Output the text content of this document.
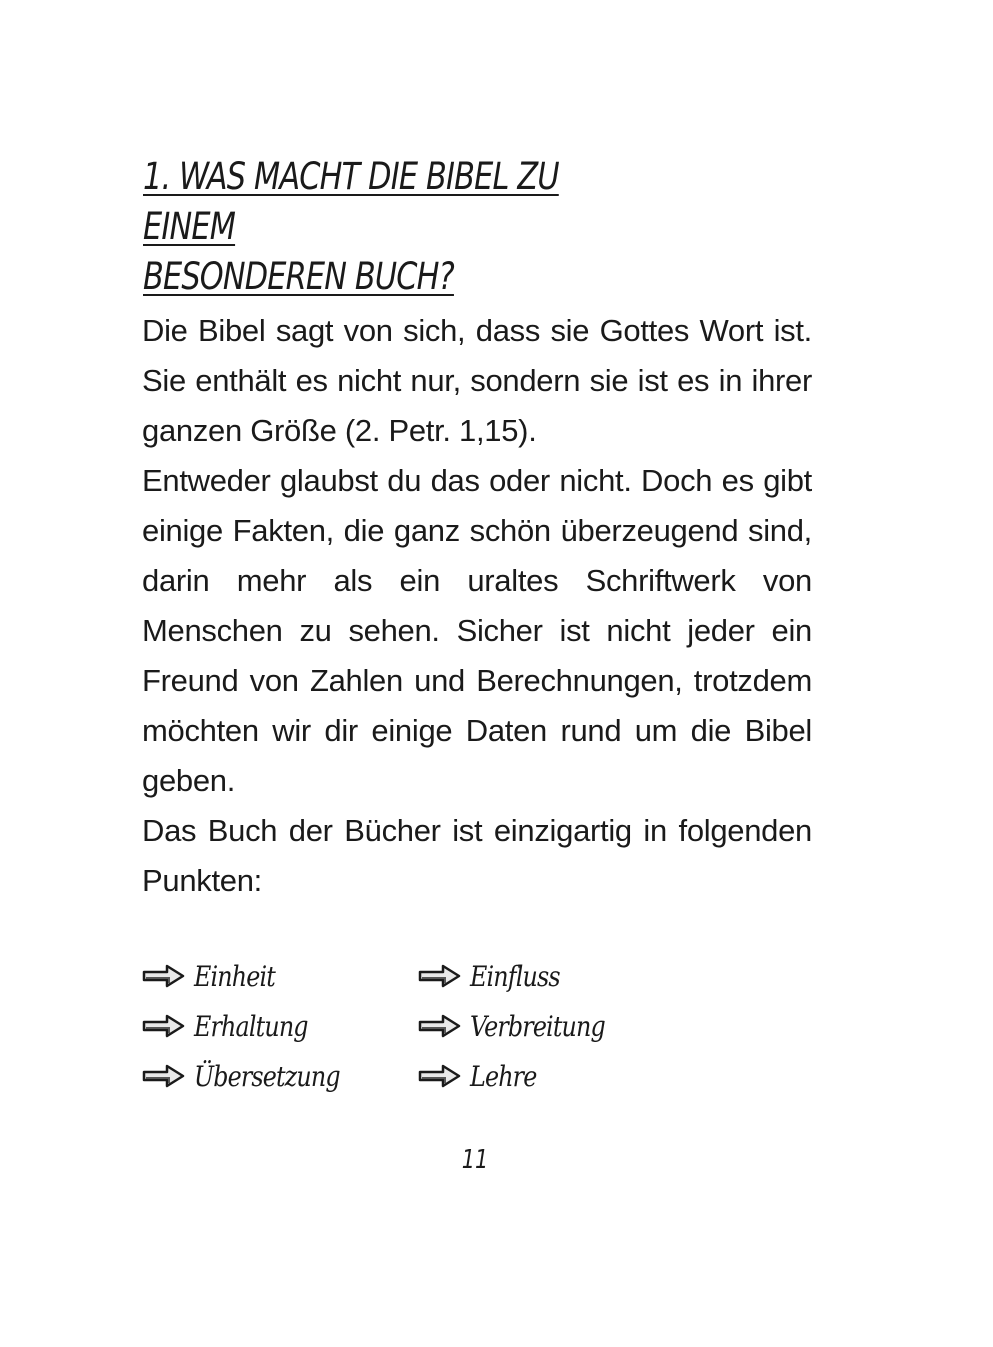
1. WAS MACHT DIE BIBEL ZU EINEM
BESONDEREN BUCH?

Die Bibel sagt von sich, dass sie Gottes Wort ist. Sie enthält es nicht nur, sondern sie ist es in ihrer ganzen Größe (2. Petr. 1,15).

Entweder glaubst du das oder nicht. Doch es gibt einige Fakten, die ganz schön überzeugend sind, darin mehr als ein uraltes Schriftwerk von Menschen zu sehen. Sicher ist nicht jeder ein Freund von Zahlen und Berechnungen, trotzdem möchten wir dir einige Daten rund um die Bibel geben.

Das Buch der Bücher ist einzigartig in folgenden Punkten:

Einheit	Einfluss
Erhaltung	Verbreitung
Übersetzung	Lehre
11
